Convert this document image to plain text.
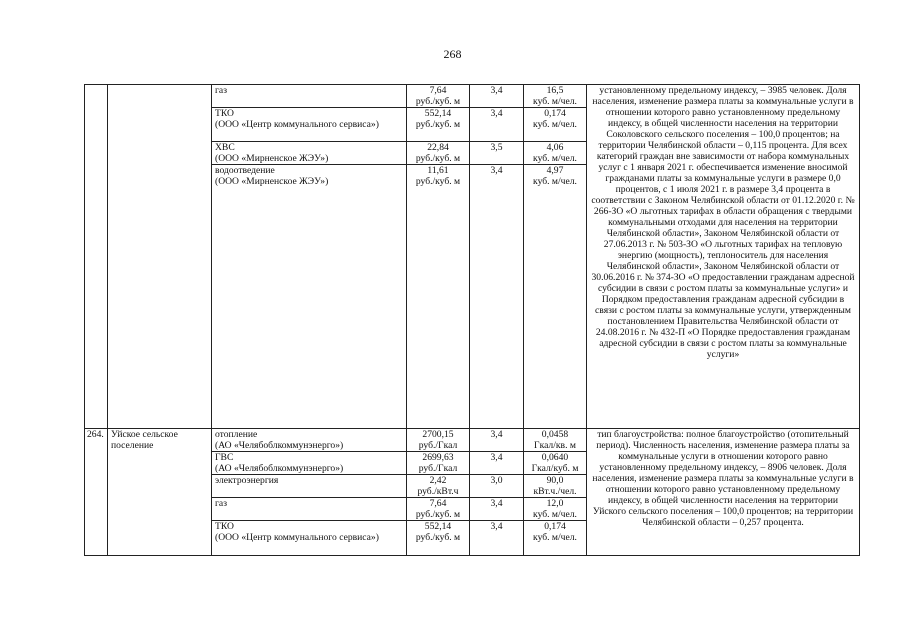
268

		газ	7,64
руб./куб. м	3,4	16,5
куб. м/чел.	установленному предельному индексу, – 3985 человек. Доля населения, изменение размера платы за коммунальные услуги в отношении которого равно установленному предельному индексу, в общей численности населения на территории Соколовского сельского поселения – 100,0 процентов; на территории Челябинской области – 0,115 процента. Для всех категорий граждан вне зависимости от набора коммунальных услуг с 1 января 2021 г. обеспечивается изменение вносимой гражданами платы за коммунальные услуги в размере 0,0 процентов, с 1 июля 2021 г. в размере 3,4 процента в соответствии с Законом Челябинской области от 01.12.2020 г. № 266-ЗО «О льготных тарифах в области обращения с твердыми коммунальными отходами для населения на территории Челябинской области», Законом Челябинской области от 27.06.2013 г. № 503-ЗО «О льготных тарифах на тепловую энергию (мощность), теплоноситель для населения Челябинской области», Законом Челябинской области от 30.06.2016 г. № 374-ЗО «О предоставлении гражданам адресной субсидии в связи с ростом платы за коммунальные услуги» и Порядком предоставления гражданам адресной субсидии в связи с ростом платы за коммунальные услуги, утвержденным постановлением Правительства Челябинской области от 24.08.2016 г. № 432-П «О Порядке предоставления гражданам адресной субсидии в связи с ростом платы за коммунальные услуги»

		ТКО
(ООО «Центр коммунального сервиса»)	552,14
руб./куб. м	3,4	0,174
куб. м/чел.	

		ХВС
(ООО «Мирненское ЖЭУ»)	22,84
руб./куб. м	3,5	4,06
куб. м/чел.	

		водоотведение
(ООО «Мирненское ЖЭУ»)	11,61
руб./куб. м	3,4	4,97
куб. м/чел.	

264.	Уйское сельское поселение	отопление
(АО «Челябоблкоммунэнерго»)	2700,15
руб./Гкал	3,4	0,0458
Гкал/кв. м	тип благоустройства: полное благоустройство (отопительный период). Численность населения, изменение размера платы за коммунальные услуги в отношении которого равно установленному предельному индексу, – 8906 человек. Доля населения, изменение размера платы за коммунальные услуги в отношении которого равно установленному предельному индексу, в общей численности населения на территории Уйского сельского поселения – 100,0 процентов; на территории Челябинской области – 0,257 процента.

		ГВС
(АО «Челябоблкоммунэнерго»)	2699,63
руб./Гкал	3,4	0,0640
Гкал/куб. м	

		электроэнергия	2,42
руб./кВт.ч	3,0	90,0
кВт.ч./чел.	

		газ	7,64
руб./куб. м	3,4	12,0
куб. м/чел.	

		ТКО
(ООО «Центр коммунального сервиса»)	552,14
руб./куб. м	3,4	0,174
куб. м/чел.	
